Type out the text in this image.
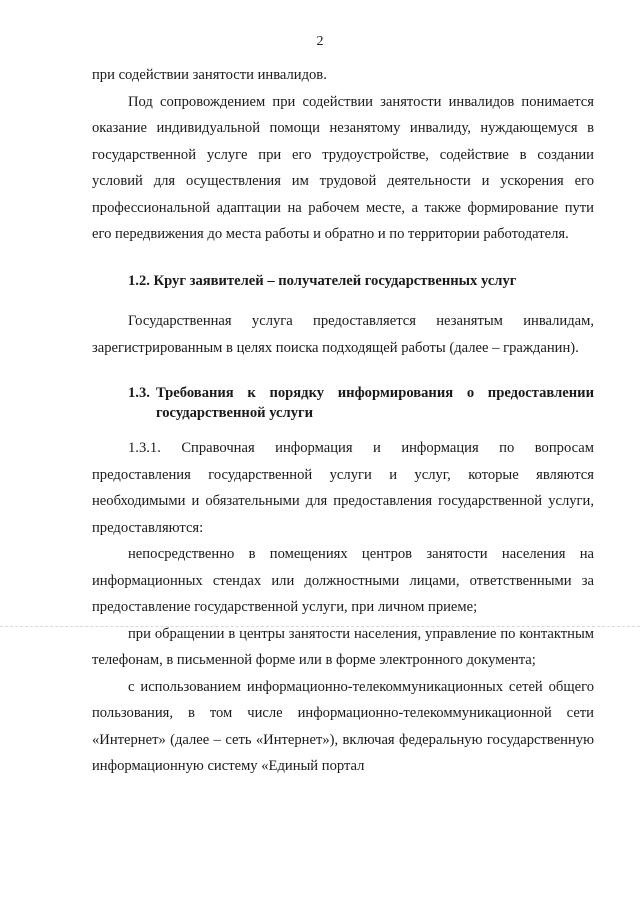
2

при содействии занятости инвалидов.

Под сопровождением при содействии занятости инвалидов понимается оказание индивидуальной помощи незанятому инвалиду, нуждающемуся в государственной услуге при его трудоустройстве, содействие в создании условий для осуществления им трудовой деятельности и ускорения его профессиональной адаптации на рабочем месте, а также формирование пути его передвижения до места работы и обратно и по территории работодателя.

1.2. Круг заявителей – получателей государственных услуг

Государственная услуга предоставляется незанятым инвалидам, зарегистрированным в целях поиска подходящей работы (далее – гражданин).

1.3. Требования к порядку информирования о предоставлении государственной услуги

1.3.1. Справочная информация и информация по вопросам предоставления государственной услуги и услуг, которые являются необходимыми и обязательными для предоставления государственной услуги, предоставляются:

непосредственно в помещениях центров занятости населения на информационных стендах или должностными лицами, ответственными за предоставление государственной услуги, при личном приеме;

при обращении в центры занятости населения, управление по контактным телефонам, в письменной форме или в форме электронного документа;

с использованием информационно-телекоммуникационных сетей общего пользования, в том числе информационно-телекоммуникационной сети «Интернет» (далее – сеть «Интернет»), включая федеральную государственную информационную систему «Единый портал
